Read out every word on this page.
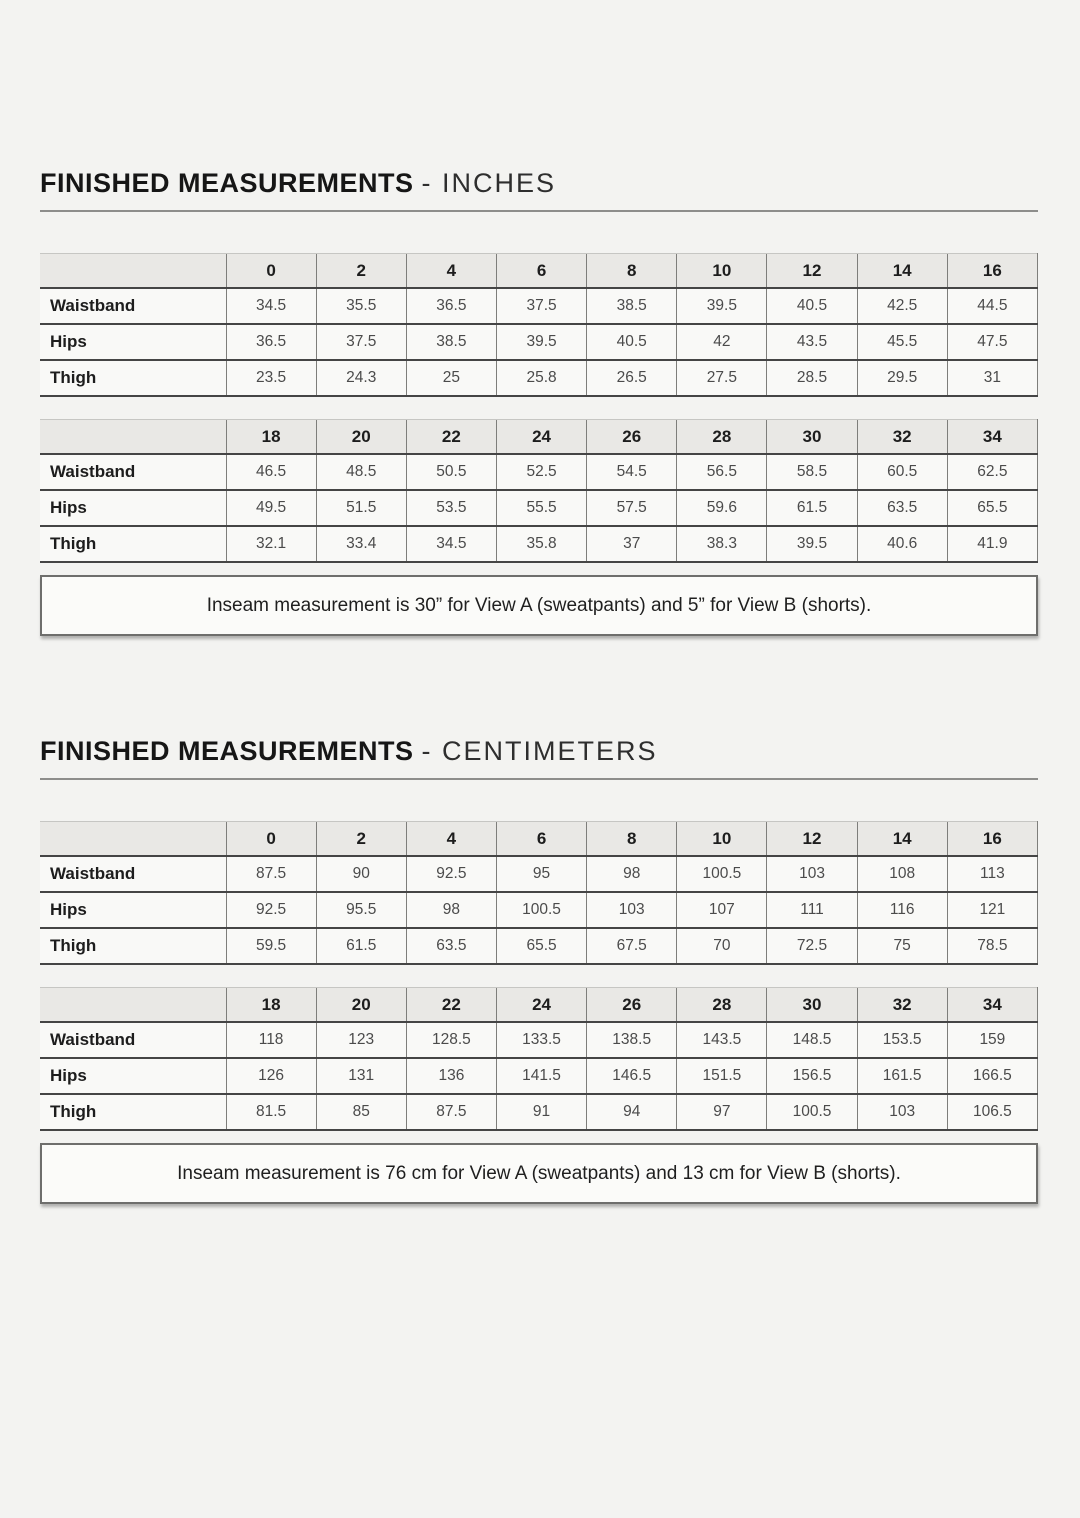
FINISHED MEASUREMENTS - INCHES
	0	2	4	6	8	10	12	14	16
Waistband	34.5	35.5	36.5	37.5	38.5	39.5	40.5	42.5	44.5
Hips	36.5	37.5	38.5	39.5	40.5	42	43.5	45.5	47.5
Thigh	23.5	24.3	25	25.8	26.5	27.5	28.5	29.5	31
	18	20	22	24	26	28	30	32	34
Waistband	46.5	48.5	50.5	52.5	54.5	56.5	58.5	60.5	62.5
Hips	49.5	51.5	53.5	55.5	57.5	59.6	61.5	63.5	65.5
Thigh	32.1	33.4	34.5	35.8	37	38.3	39.5	40.6	41.9
Inseam measurement is 30” for View A (sweatpants) and 5” for View B (shorts).
FINISHED MEASUREMENTS - CENTIMETERS
	0	2	4	6	8	10	12	14	16
Waistband	87.5	90	92.5	95	98	100.5	103	108	113
Hips	92.5	95.5	98	100.5	103	107	111	116	121
Thigh	59.5	61.5	63.5	65.5	67.5	70	72.5	75	78.5
	18	20	22	24	26	28	30	32	34
Waistband	118	123	128.5	133.5	138.5	143.5	148.5	153.5	159
Hips	126	131	136	141.5	146.5	151.5	156.5	161.5	166.5
Thigh	81.5	85	87.5	91	94	97	100.5	103	106.5
Inseam measurement is 76 cm for View A (sweatpants) and 13 cm for View B (shorts).
